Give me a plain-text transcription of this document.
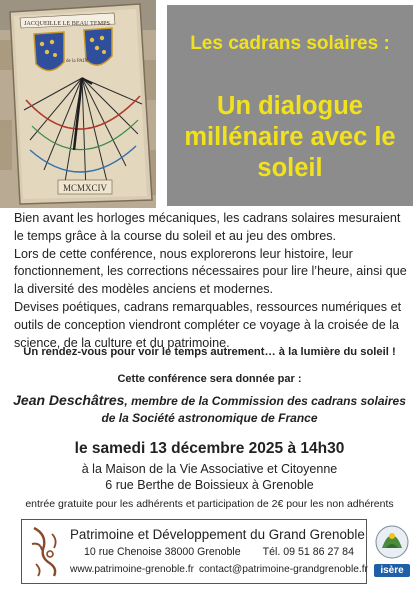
JACQUEILLE LE BEAU TEMPS
de la PAIX
MCMXCIV
Les cadrans solaires :
Un dialogue millénaire avec le soleil

Bien avant les horloges mécaniques, les cadrans solaires mesuraient le temps grâce à la course du soleil et au jeu des ombres.

Lors de cette conférence, nous explorerons leur histoire, leur fonctionnement, les corrections nécessaires pour lire l’heure, ainsi que la diversité des modèles anciens et modernes.

Devises poétiques, cadrans remarquables, ressources numériques et outils de conception viendront compléter ce voyage à la croisée de la science, de la culture et du patrimoine.

Un rendez-vous pour voir le temps autrement… à la lumière du soleil !
Cette conférence sera donnée par :
Jean Deschâtres, membre de la Commission des cadrans solaires
de la Société astronomique de France
le samedi 13 décembre 2025 à 14h30
à la Maison de la Vie Associative et Citoyenne
6 rue Berthe de Boissieux à Grenoble
entrée gratuite pour les adhérents et participation de 2€ pour les non adhérents
Patrimoine et Développement du Grand Grenoble
10 rue Chenoise 38000 Grenoble Tél. 09 51 86 27 84
www.patrimoine-grenoble.fr contact@patrimoine-grandgrenoble.fr	isère
